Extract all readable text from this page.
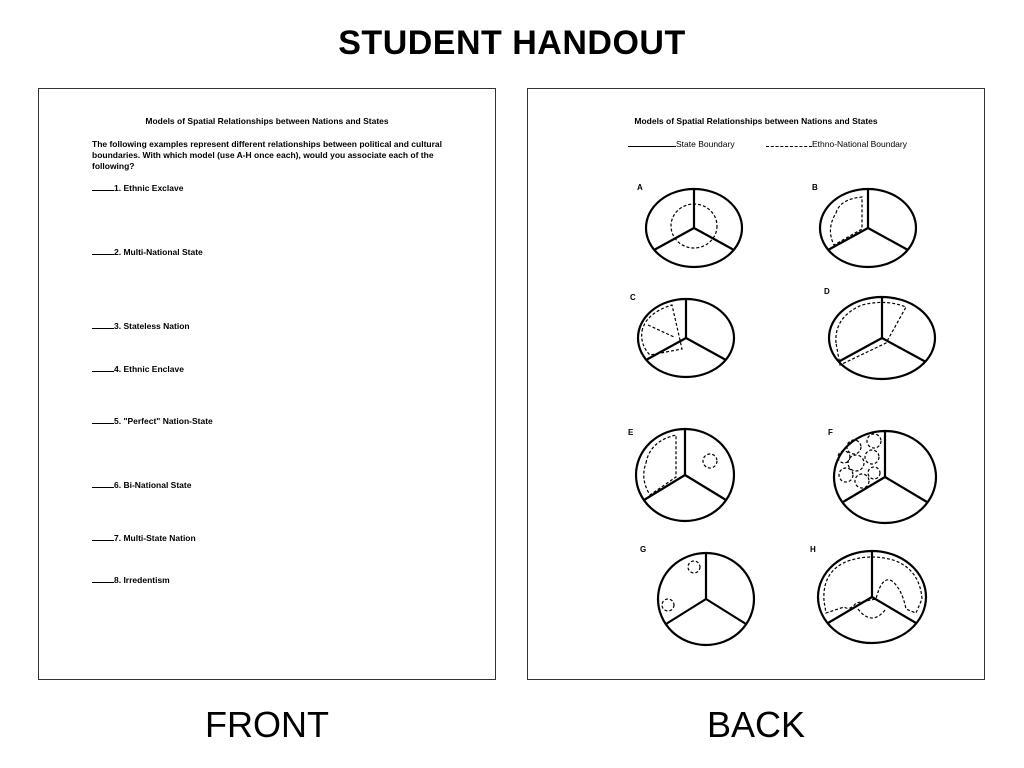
STUDENT HANDOUT
Models of Spatial Relationships between Nations and States
The following examples represent different relationships between political and cultural boundaries. With which model (use A-H once each), would you associate each of the following?
1. Ethnic Exclave
2. Multi-National State
3. Stateless Nation
4. Ethnic Enclave
5. "Perfect" Nation-State
6. Bi-National State
7. Multi-State Nation
8. Irredentism
Models of Spatial Relationships between Nations and States
State Boundary	Ethno-National Boundary
A	B
C
D
E	F
G	H
FRONT	BACK
